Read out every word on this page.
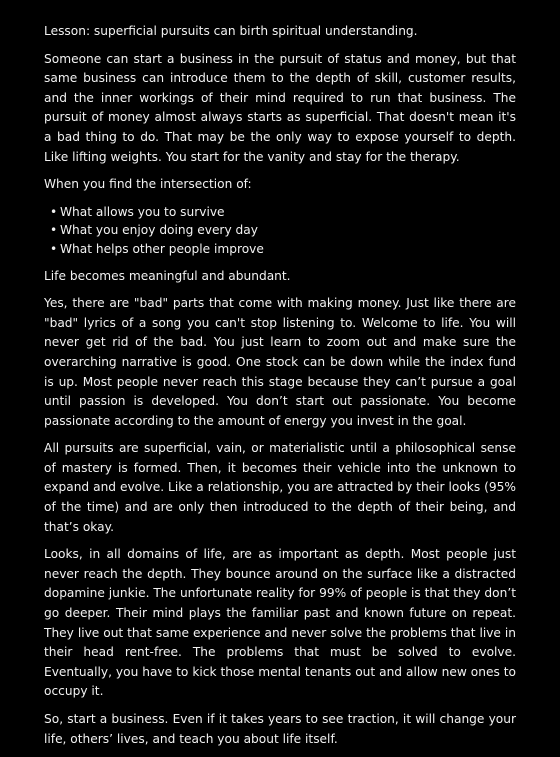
Lesson: superficial pursuits can birth spiritual understanding.

Someone can start a business in the pursuit of status and money, but that same business can introduce them to the depth of skill, customer results, and the inner workings of their mind required to run that business. The pursuit of money almost always starts as superficial. That doesn't mean it's a bad thing to do. That may be the only way to expose yourself to depth. Like lifting weights. You start for the vanity and stay for the therapy.

When you find the intersection of:

• What allows you to survive
• What you enjoy doing every day
• What helps other people improve

Life becomes meaningful and abundant.

Yes, there are "bad" parts that come with making money. Just like there are "bad" lyrics of a song you can't stop listening to. Welcome to life. You will never get rid of the bad. You just learn to zoom out and make sure the overarching narrative is good. One stock can be down while the index fund is up. Most people never reach this stage because they can’t pursue a goal until passion is developed. You don’t start out passionate. You become passionate according to the amount of energy you invest in the goal.

All pursuits are superficial, vain, or materialistic until a philosophical sense of mastery is formed. Then, it becomes their vehicle into the unknown to expand and evolve. Like a relationship, you are attracted by their looks (95% of the time) and are only then introduced to the depth of their being, and that’s okay.

Looks, in all domains of life, are as important as depth. Most people just never reach the depth. They bounce around on the surface like a distracted dopamine junkie. The unfortunate reality for 99% of people is that they don’t go deeper. Their mind plays the familiar past and known future on repeat. They live out that same experience and never solve the problems that live in their head rent-free. The problems that must be solved to evolve. Eventually, you have to kick those mental tenants out and allow new ones to occupy it.

So, start a business. Even if it takes years to see traction, it will change your life, others’ lives, and teach you about life itself.
